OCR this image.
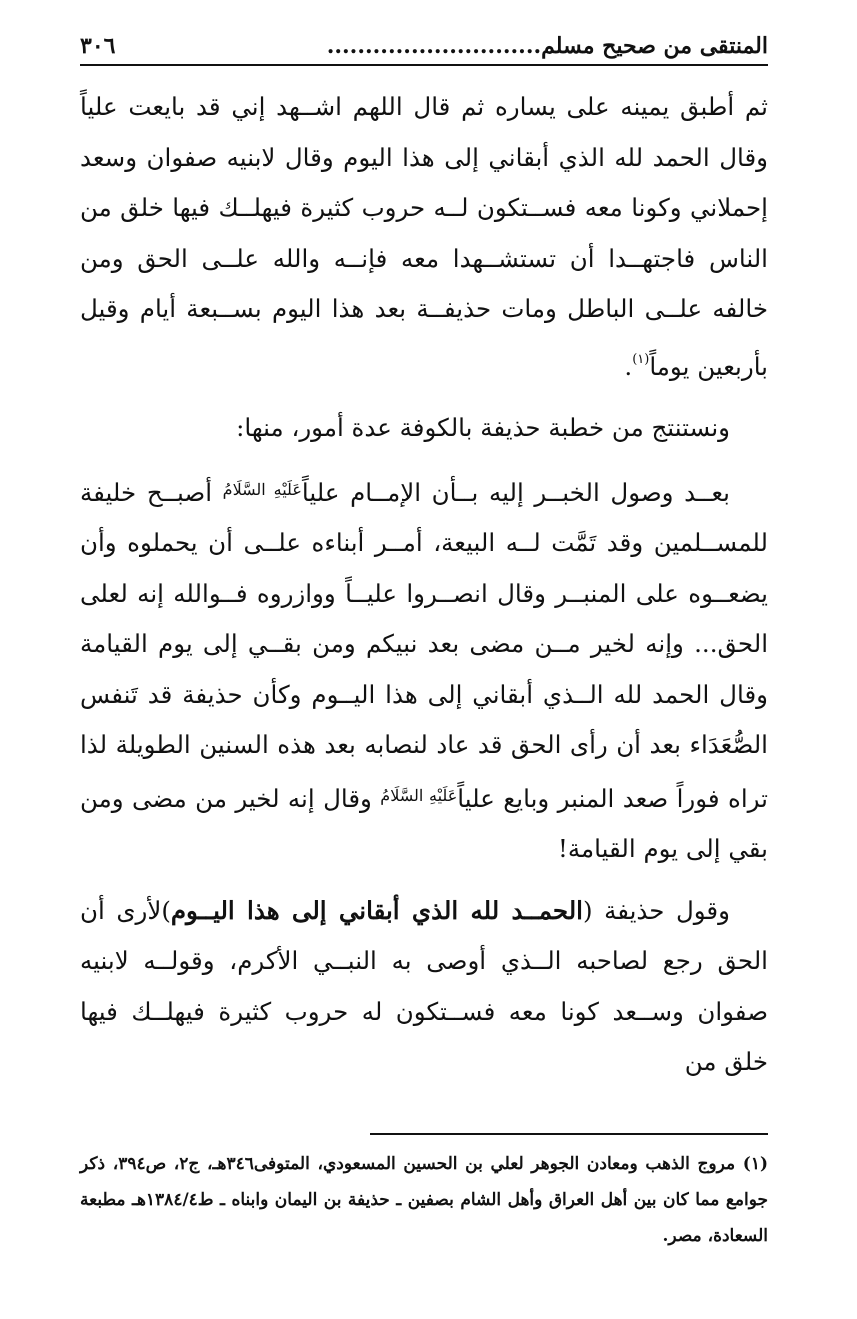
المنتقى من صحيح مسلم............................
٣٠٦

ثم أطبق يمينه على يساره ثم قال اللهم اشــهد إني قد بايعت علياً وقال الحمد لله الذي أبقاني إلى هذا اليوم وقال لابنيه صفوان وسعد إحملاني وكونا معه فســتكون لــه حروب كثيرة فيهلــك فيها خلق من الناس فاجتهــدا أن تستشــهدا معه فإنــه والله علــى الحق ومن خالفه علــى الباطل ومات حذيفــة بعد هذا اليوم بســبعة أيام وقيل بأربعين يوماً$^{(١)}$.

ونستنتج من خطبة حذيفة بالكوفة عدة أمور، منها:

بعــد وصول الخبــر إليه بــأن الإمــام علياً$^{عَلَيْهِ السَّلَامُ}$ أصبــح خليفة للمســلمين وقد تَمَّت لــه البيعة، أمــر أبناءه علــى أن يحملوه وأن يضعــوه على المنبــر وقال انصــروا عليــاً ووازروه فــوالله إنه لعلى الحق... وإنه لخير مــن مضى بعد نبيكم ومن بقــي إلى يوم القيامة وقال الحمد لله الــذي أبقاني إلى هذا اليــوم وكأن حذيفة قد تَنفس الصُّعَدَاء بعد أن رأى الحق قد عاد لنصابه بعد هذه السنين الطويلة لذا تراه فوراً صعد المنبر وبايع علياً$^{عَلَيْهِ السَّلَامُ}$ وقال إنه لخير من مضى ومن بقي إلى يوم القيامة!

وقول حذيفة (الحمــد لله الذي أبقاني إلى هذا اليــوم)لأرى أن الحق رجع لصاحبه الــذي أوصى به النبــي الأكرم، وقولــه لابنيه صفوان وســعد كونا معه فســتكون له حروب كثيرة فيهلــك فيها خلق من

(١) مروج الذهب ومعادن الجوهر لعلي بن الحسين المسعودي، المتوفى٣٤٦هـ، ج٢، ص٣٩٤، ذكر جوامع مما كان بين أهل العراق وأهل الشام بصفين ـ حذيفة بن اليمان وابناه ـ ط١٣٨٤/٤هـ مطبعة السعادة، مصر.
